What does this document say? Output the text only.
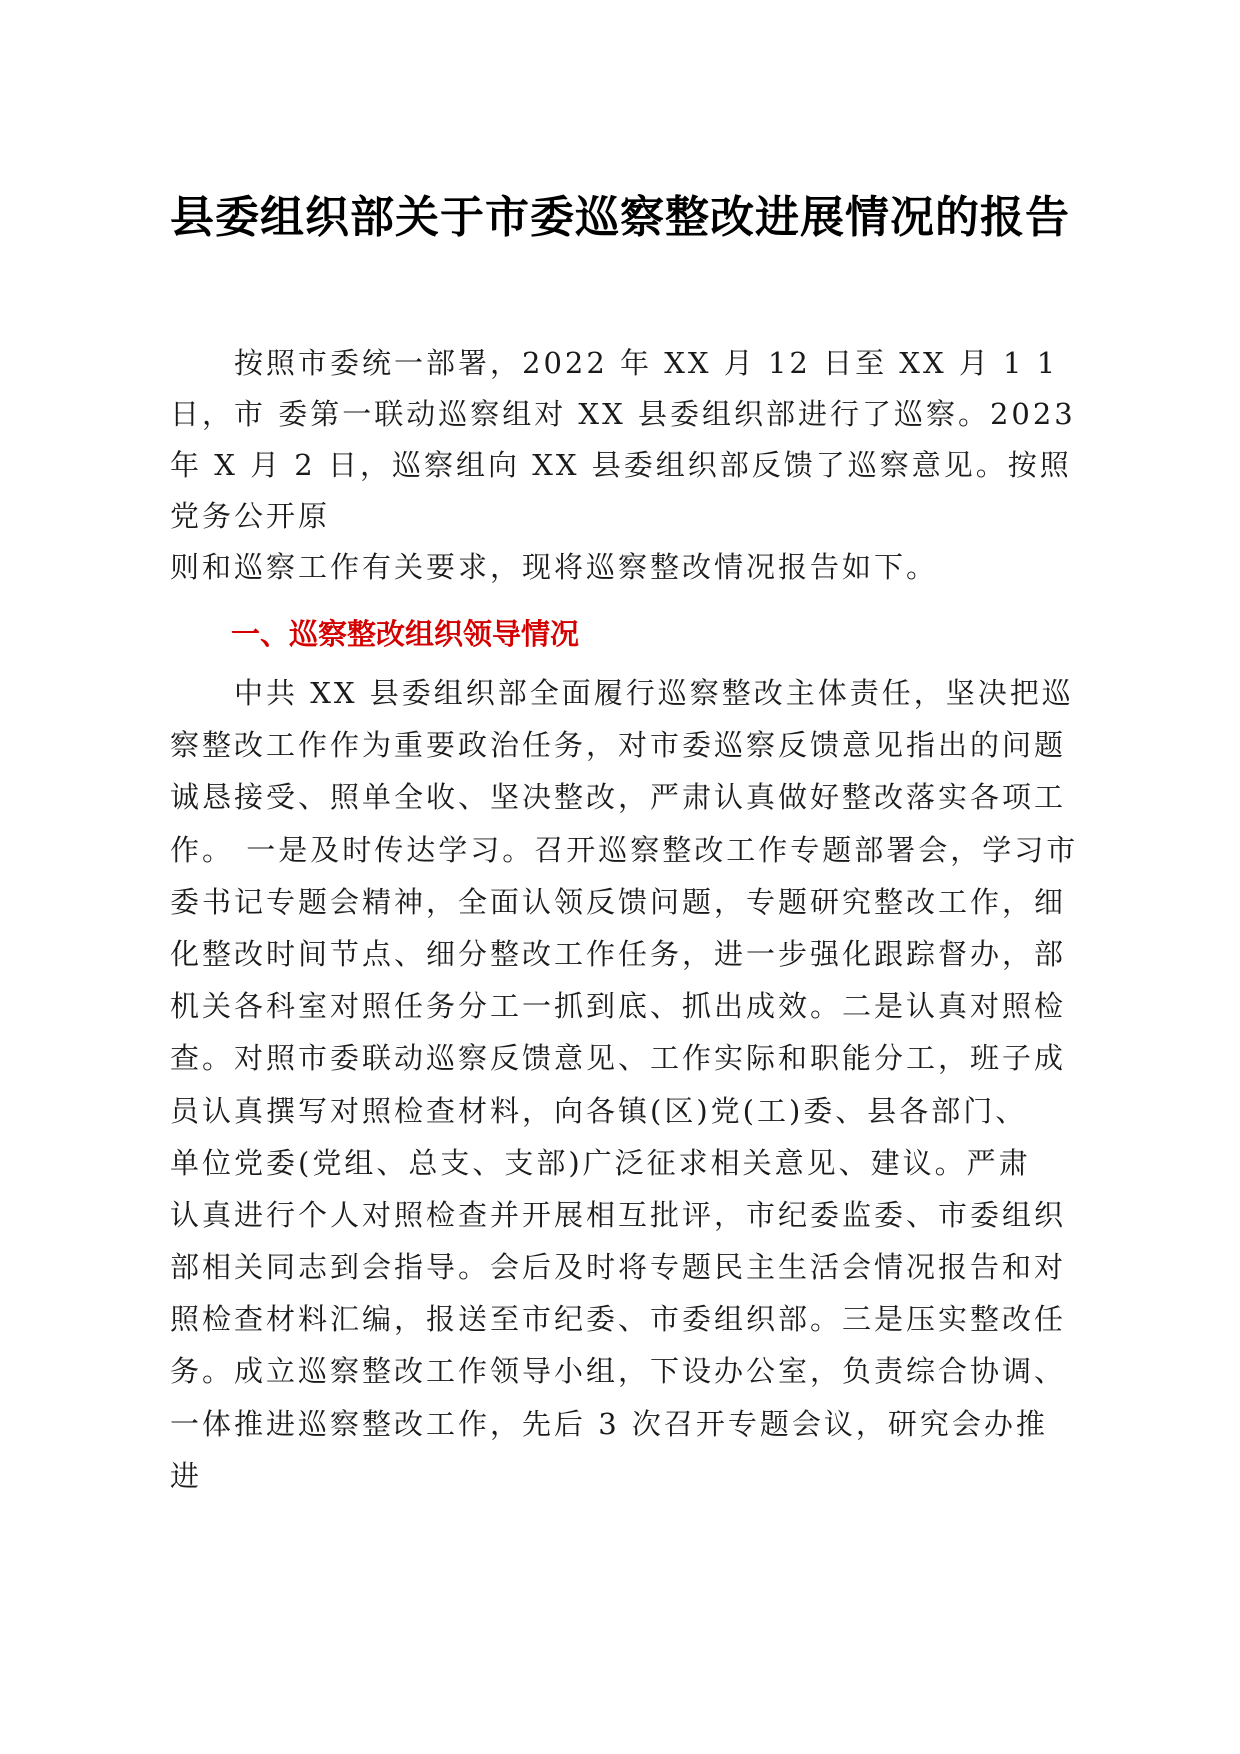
县委组织部关于市委巡察整改进展情况的报告
　　按照市委统一部署，2022 年 XX 月 12 日至 XX 月 1 1
日，市 委第一联动巡察组对 XX 县委组织部进行了巡察。2023
年 X 月 2 日，巡察组向 XX 县委组织部反馈了巡察意见。按照
党务公开原
则和巡察工作有关要求，现将巡察整改情况报告如下。
一、巡察整改组织领导情况
　　中共 XX 县委组织部全面履行巡察整改主体责任，坚决把巡
察整改工作作为重要政治任务，对市委巡察反馈意见指出的问题
诚恳接受、照单全收、坚决整改，严肃认真做好整改落实各项工
作。 一是及时传达学习。召开巡察整改工作专题部署会，学习市
委书记专题会精神，全面认领反馈问题，专题研究整改工作，细
化整改时间节点、细分整改工作任务，进一步强化跟踪督办，部
机关各科室对照任务分工一抓到底、抓出成效。二是认真对照检
查。对照市委联动巡察反馈意见、工作实际和职能分工，班子成
员认真撰写对照检查材料，向各镇(区)党(工)委、县各部门、
单位党委(党组、总支、支部)广泛征求相关意见、建议。严肃
认真进行个人对照检查并开展相互批评，市纪委监委、市委组织
部相关同志到会指导。会后及时将专题民主生活会情况报告和对
照检查材料汇编，报送至市纪委、市委组织部。三是压实整改任
务。成立巡察整改工作领导小组，下设办公室，负责综合协调、
一体推进巡察整改工作，先后 3 次召开专题会议，研究会办推
进
